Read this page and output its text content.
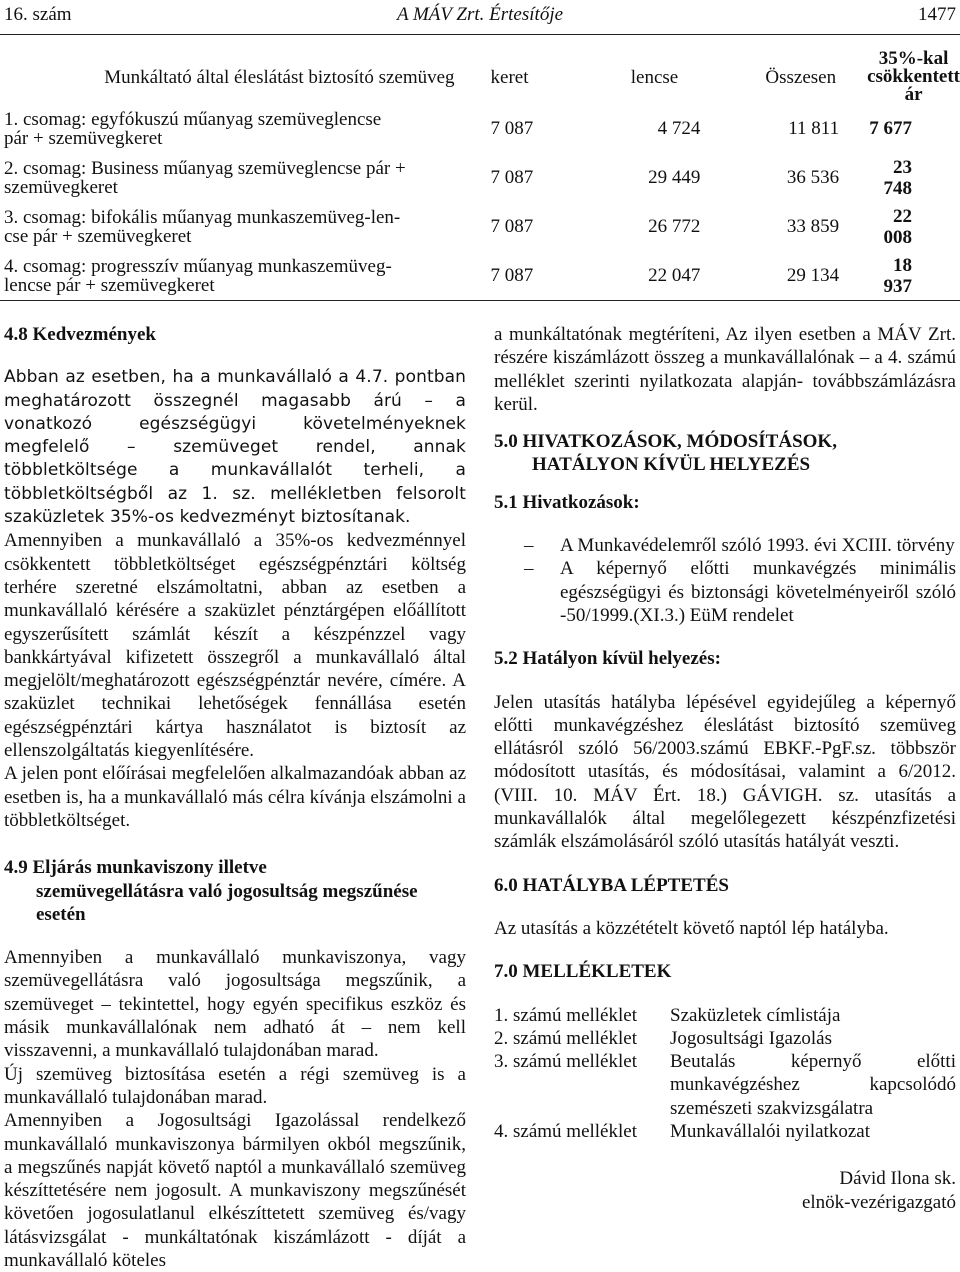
16. szám	A MÁV Zrt. Értesítője	1477
Munkáltató által éleslátást biztosító szemüveg	keret	lencse	Összesen	35%-kal
csökkentett ár

1. csomag: egyfókuszú műanyag szemüveglencse
pár + szemüvegkeret	7 087	4 724	11 811	7 677

2. csomag: Business műanyag szemüveglencse pár +
szemüvegkeret	7 087	29 449	36 536	23 748

3. csomag: bifokális műanyag munkaszemüveg-len-
cse pár + szemüvegkeret	7 087	26 772	33 859	22 008

4. csomag: progresszív műanyag munkaszemüveg-
lencse pár + szemüvegkeret	7 087	22 047	29 134	18 937

4.8 Kedvezmények

Abban az esetben, ha a munkavállaló a 4.7. pontban meghatározott összegnél magasabb árú – a vonatkozó egészségügyi követelményeknek megfelelő – szemüveget rendel, annak többletköltsége a munkavállalót terheli, a többletköltségből az 1. sz. mellékletben felsorolt szaküzletek 35%-os kedvezményt biztosítanak.

Amennyiben a munkavállaló a 35%-os kedvezménnyel csökkentett többletköltséget egészségpénztári költség terhére szeretné elszámoltatni, abban az esetben a munkavállaló kérésére a szaküzlet pénztárgépen előállított egyszerűsített számlát készít a készpénzzel vagy bankkártyával kifizetett összegről a munkavállaló által megjelölt/meghatározott egészségpénztár nevére, címére. A szaküzlet technikai lehetőségek fennállása esetén egészségpénztári kártya használatot is biztosít az ellenszolgáltatás kiegyenlítésére.

A jelen pont előírásai megfelelően alkalmazandóak abban az esetben is, ha a munkavállaló más célra kívánja elszámolni a többletköltséget.

4.9 Eljárás munkaviszony illetve

szemüvegellátásra való jogosultság megszűnése

esetén

Amennyiben a munkavállaló munkaviszonya, vagy szemüvegellátásra való jogosultsága megszűnik, a szemüveget – tekintettel, hogy egyén specifikus eszköz és másik munkavállalónak nem adható át – nem kell visszavenni, a munkavállaló tulajdonában marad.

Új szemüveg biztosítása esetén a régi szemüveg is a munkavállaló tulajdonában marad.

Amennyiben a Jogosultsági Igazolással rendelkező munkavállaló munkaviszonya bármilyen okból megszűnik, a megszűnés napját követő naptól a munkavállaló szemüveg készíttetésére nem jogosult. A munkaviszony megszűnését követően jogosulatlanul elkészíttetett szemüveg és/vagy látásvizsgálat - munkáltatónak kiszámlázott - díját a munkavállaló köteles

a munkáltatónak megtéríteni, Az ilyen esetben a MÁV Zrt. részére kiszámlázott összeg a munkavállalónak – a 4. számú melléklet szerinti nyilatkozata alapján- továbbszámlázásra kerül.

5.0 HIVATKOZÁSOK, MÓDOSÍTÁSOK,

HATÁLYON KÍVÜL HELYEZÉS

5.1 Hivatkozások:

– A Munkavédelemről szóló 1993. évi XCIII. törvény

– A képernyő előtti munkavégzés minimális egészségügyi és biztonsági követelményeiről szóló -50/1999.(XI.3.) EüM rendelet

5.2 Hatályon kívül helyezés:

Jelen utasítás hatályba lépésével egyidejűleg a képernyő előtti munkavégzéshez éleslátást biztosító szemüveg ellátásról szóló 56/2003.számú EBKF.-PgF.sz. többször módosított utasítás, és módosításai, valamint a 6/2012. (VIII. 10. MÁV Ért. 18.) GÁVIGH. sz. utasítás a munkavállalók által megelőlegezett készpénzfizetési számlák elszámolásáról szóló utasítás hatályát veszti.

6.0 HATÁLYBA LÉPTETÉS

Az utasítás a közzétételt követő naptól lép hatályba.

7.0 MELLÉKLETEK

1. számú melléklet	Szaküzletek címlistája
2. számú melléklet	Jogosultsági Igazolás
3. számú melléklet	Beutalás képernyő előtti munkavégzéshez kapcsolódó szemészeti szakvizsgálatra
4. számú melléklet	Munkavállalói nyilatkozat

Dávid Ilona sk.

elnök-vezérigazgató
